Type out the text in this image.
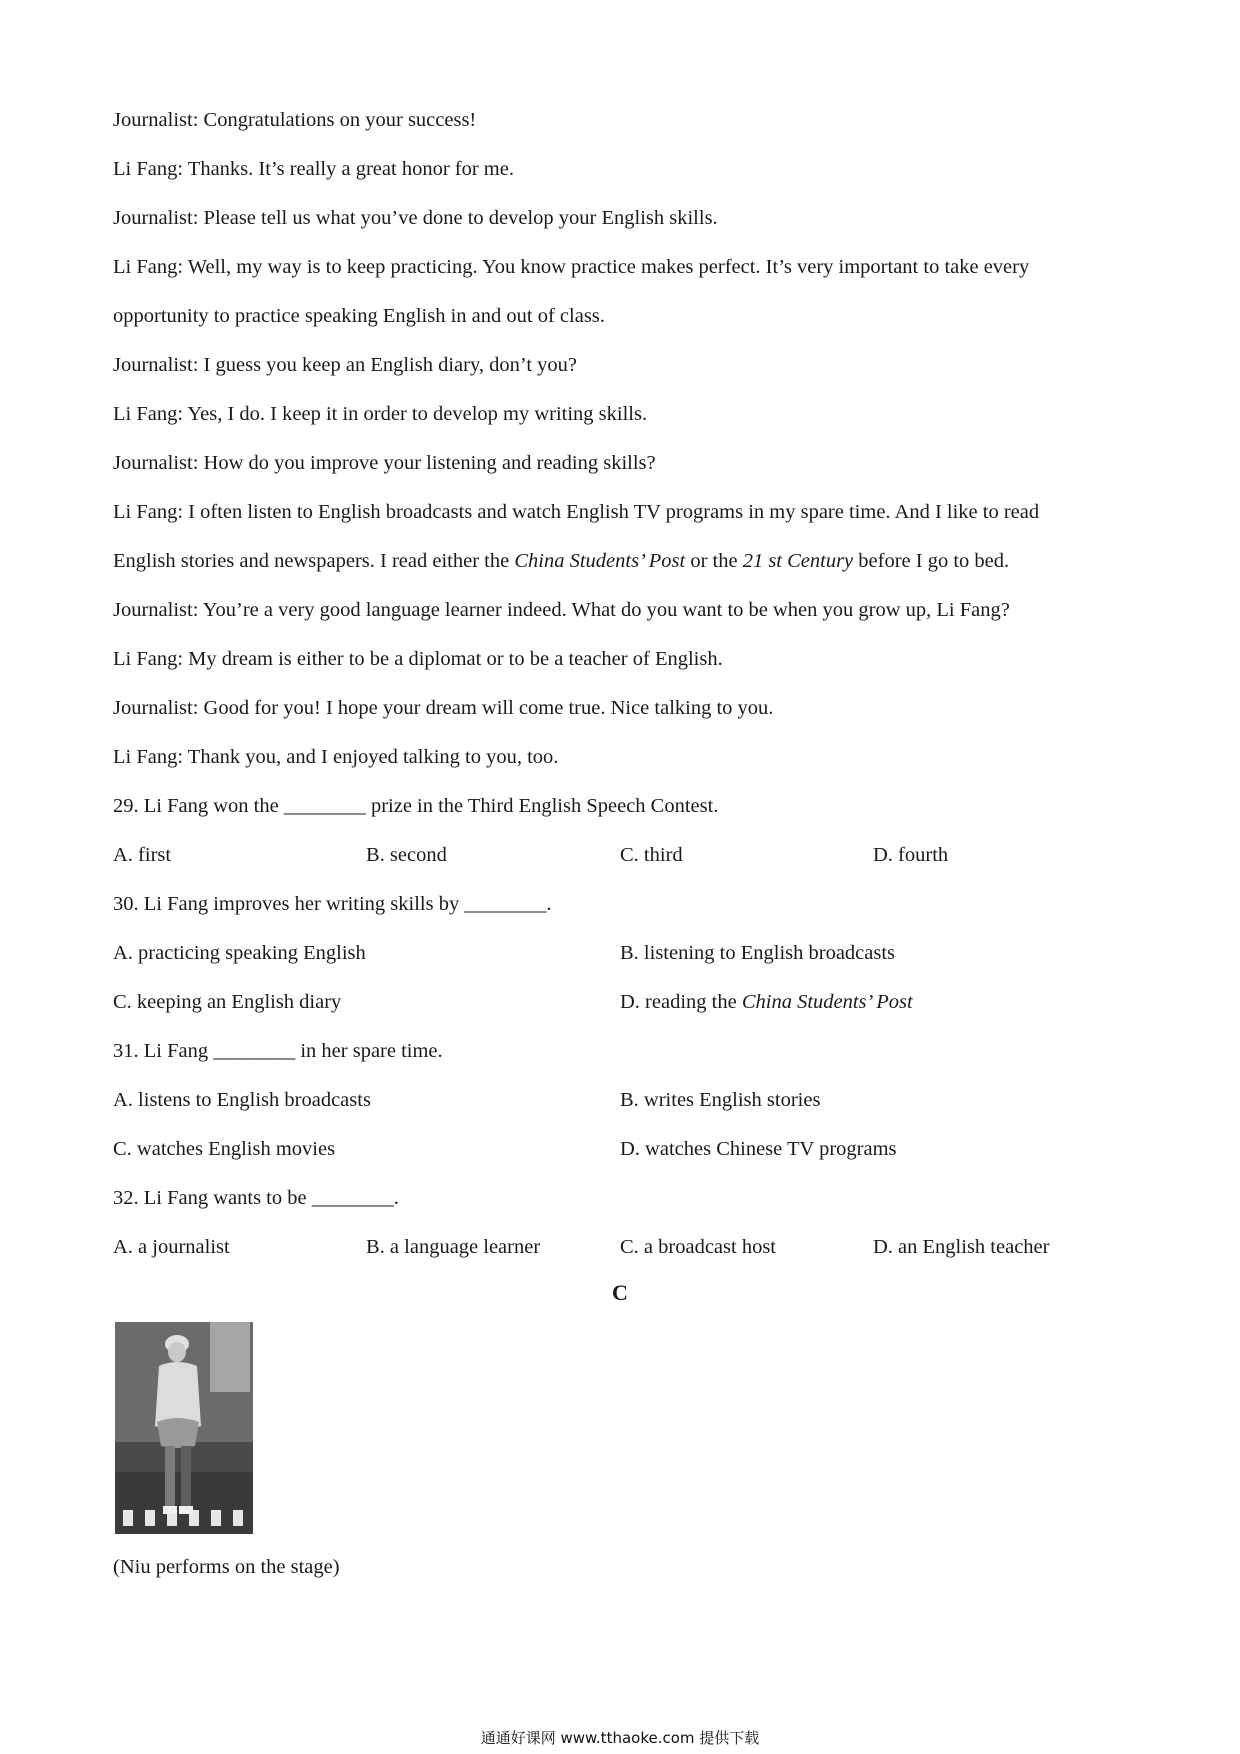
Journalist: Congratulations on your success!
Li Fang: Thanks. It’s really a great honor for me.
Journalist: Please tell us what you’ve done to develop your English skills.
Li Fang: Well, my way is to keep practicing. You know practice makes perfect. It’s very important to take every
opportunity to practice speaking English in and out of class.
Journalist: I guess you keep an English diary, don’t you?
Li Fang: Yes, I do. I keep it in order to develop my writing skills.
Journalist: How do you improve your listening and reading skills?
Li Fang: I often listen to English broadcasts and watch English TV programs in my spare time. And I like to read
English stories and newspapers. I read either the China Students’ Post or the 21 st Century before I go to bed.
Journalist: You’re a very good language learner indeed. What do you want to be when you grow up, Li Fang?
Li Fang: My dream is either to be a diplomat or to be a teacher of English.
Journalist: Good for you! I hope your dream will come true. Nice talking to you.
Li Fang: Thank you, and I enjoyed talking to you, too.
29. Li Fang won the ________ prize in the Third English Speech Contest.
A. first	B. second	C. third	D. fourth
30. Li Fang improves her writing skills by ________.
A. practicing speaking English	B. listening to English broadcasts
C. keeping an English diary	D. reading the China Students’ Post
31. Li Fang ________ in her spare time.
A. listens to English broadcasts	B. writes English stories
C. watches English movies	D. watches Chinese TV programs
32. Li Fang wants to be ________.
A. a journalist	B. a language learner	C. a broadcast host	D. an English teacher
C
(Niu performs on the stage)
通通好课网 www.tthaoke.com 提供下载
